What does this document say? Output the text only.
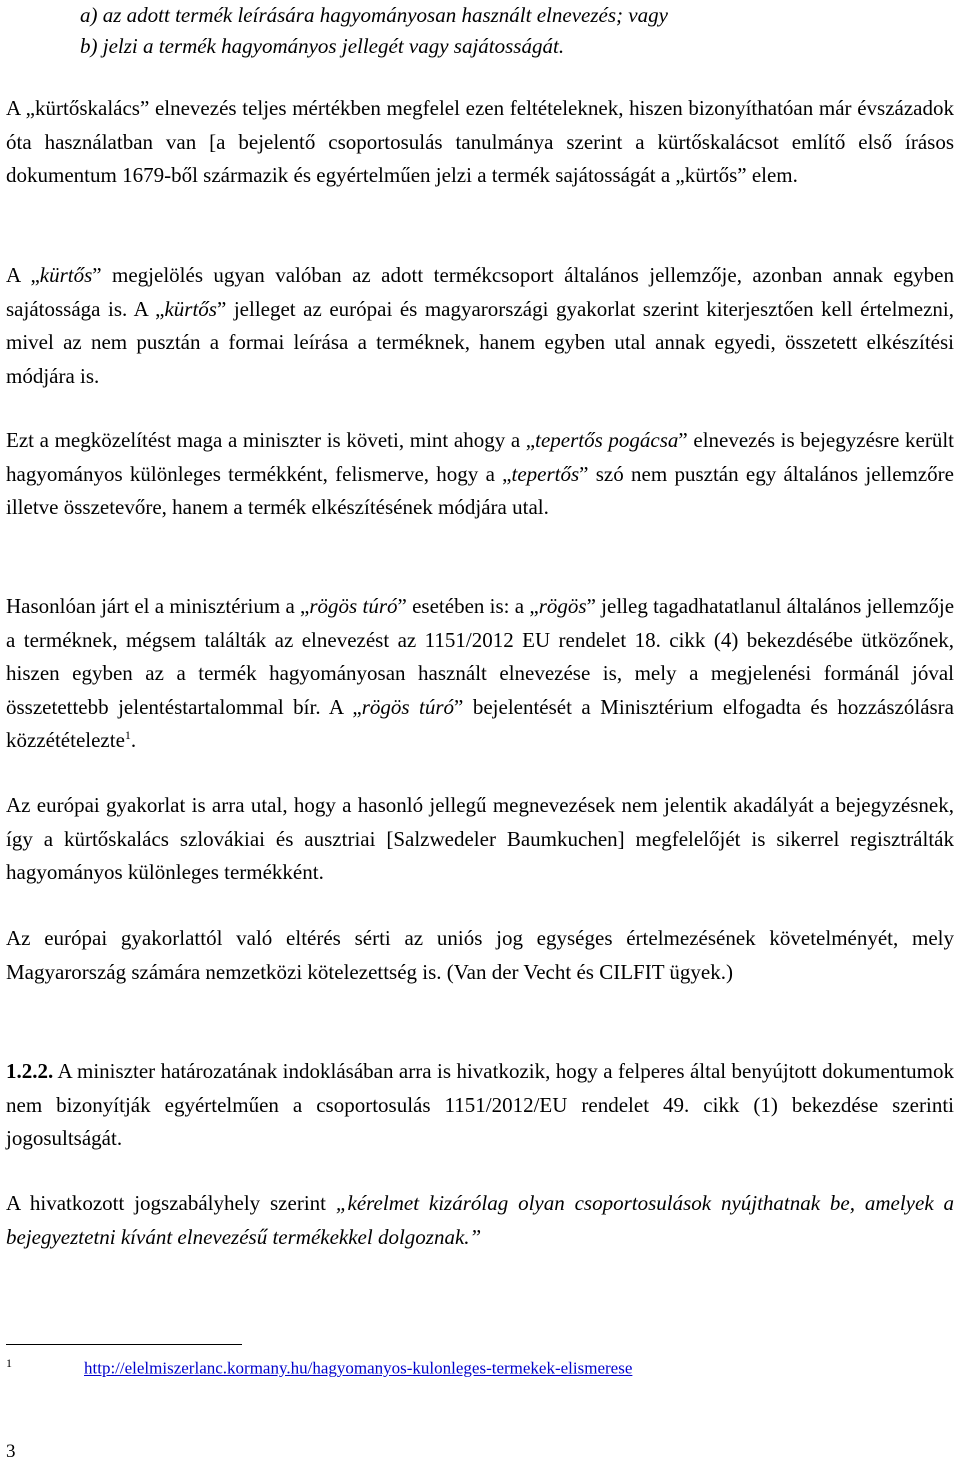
a) az adott termék leírására hagyományosan használt elnevezés; vagy
b) jelzi a termék hagyományos jellegét vagy sajátosságát.

A „kürtőskalács” elnevezés teljes mértékben megfelel ezen feltételeknek, hiszen bizonyíthatóan már évszázadok óta használatban van [a bejelentő csoportosulás tanulmánya szerint a kürtőskalácsot említő első írásos dokumentum 1679-ből származik és egyértelműen jelzi a termék sajátosságát a „kürtős” elem.

A „kürtős” megjelölés ugyan valóban az adott termékcsoport általános jellemzője, azonban annak egyben sajátossága is. A „kürtős” jelleget az európai és magyarországi gyakorlat szerint kiterjesztően kell értelmezni, mivel az nem pusztán a formai leírása a terméknek, hanem egyben utal annak egyedi, összetett elkészítési módjára is.

Ezt a megközelítést maga a miniszter is követi, mint ahogy a „tepertős pogácsa” elnevezés is bejegyzésre került hagyományos különleges termékként, felismerve, hogy a „tepertős” szó nem pusztán egy általános jellemzőre illetve összetevőre, hanem a termék elkészítésének módjára utal.

Hasonlóan járt el a minisztérium a „rögös túró” esetében is: a „rögös” jelleg tagadhatatlanul általános jellemzője a terméknek, mégsem találták az elnevezést az 1151/2012 EU rendelet 18. cikk (4) bekezdésébe ütközőnek, hiszen egyben az a termék hagyományosan használt elnevezése is, mely a megjelenési formánál jóval összetettebb jelentéstartalommal bír. A „rögös túró” bejelentését a Minisztérium elfogadta és hozzászólásra közzétételezte$^1$.

Az európai gyakorlat is arra utal, hogy a hasonló jellegű megnevezések nem jelentik akadályát a bejegyzésnek, így a kürtőskalács szlovákiai és ausztriai [Salzwedeler Baumkuchen] megfelelőjét is sikerrel regisztrálták hagyományos különleges termékként.

Az európai gyakorlattól való eltérés sérti az uniós jog egységes értelmezésének követelményét, mely Magyarország számára nemzetközi kötelezettség is. (Van der Vecht és CILFIT ügyek.)

1.2.2. A miniszter határozatának indoklásában arra is hivatkozik, hogy a felperes által benyújtott dokumentumok nem bizonyítják egyértelműen a csoportosulás 1151/2012/EU rendelet 49. cikk (1) bekezdése szerinti jogosultságát.

A hivatkozott jogszabályhely szerint „kérelmet kizárólag olyan csoportosulások nyújthatnak be, amelyek a bejegyeztetni kívánt elnevezésű termékekkel dolgoznak.”

1	http://elelmiszerlanc.kormany.hu/hagyomanyos-kulonleges-termekek-elismerese
3
